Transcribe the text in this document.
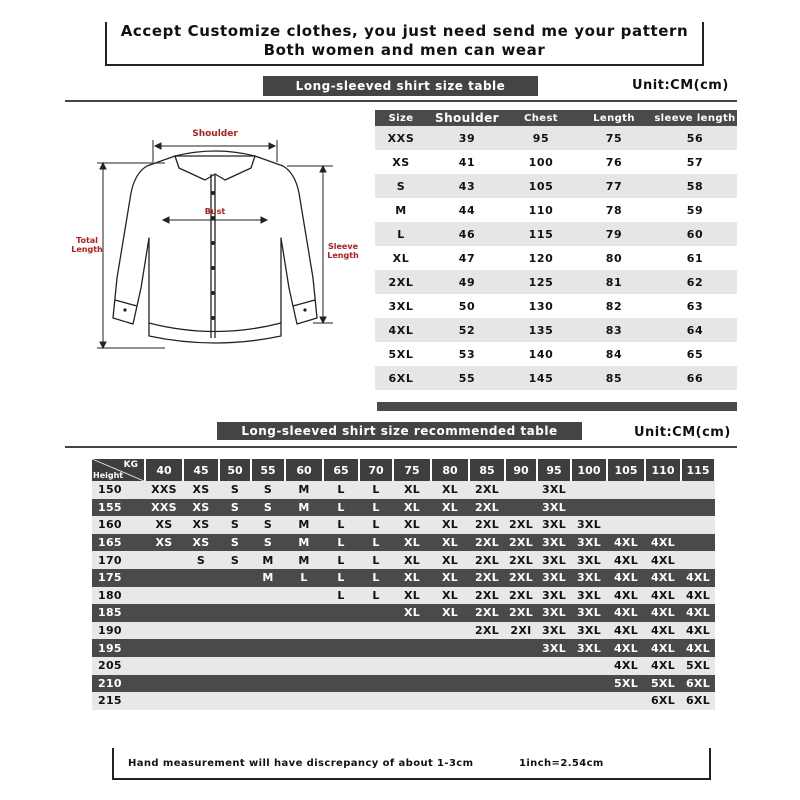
Accept Customize clothes, you just need send me your pattern
Both women and men can wear
Long-sleeved shirt size table	Unit:CM(cm)
Shoulder
Bust
Total
Length	Sleeve
Length
Size	Shoulder	Chest	Length	sleeve length
XXS	39	95	75	56
XS	41	100	76	57
S	43	105	77	58
M	44	110	78	59
L	46	115	79	60
XL	47	120	80	61
2XL	49	125	81	62
3XL	50	130	82	63
4XL	52	135	83	64
5XL	53	140	84	65
6XL	55	145	85	66
Long-sleeved shirt size recommended table	Unit:CM(cm)
KG
Height	40	45	50	55	60	65	70	75	80	85	90	95	100	105	110	115
150	XXS	XS	S	S	M	L	L	XL	XL	2XL		3XL				
155	XXS	XS	S	S	M	L	L	XL	XL	2XL		3XL				
160	XS	XS	S	S	M	L	L	XL	XL	2XL	2XL	3XL	3XL			
165	XS	XS	S	S	M	L	L	XL	XL	2XL	2XL	3XL	3XL	4XL	4XL	
170		S	S	M	M	L	L	XL	XL	2XL	2XL	3XL	3XL	4XL	4XL	
175				M	L	L	L	XL	XL	2XL	2XL	3XL	3XL	4XL	4XL	4XL
180						L	L	XL	XL	2XL	2XL	3XL	3XL	4XL	4XL	4XL
185								XL	XL	2XL	2XL	3XL	3XL	4XL	4XL	4XL
190										2XL	2XI	3XL	3XL	4XL	4XL	4XL
195												3XL	3XL	4XL	4XL	4XL
205														4XL	4XL	5XL
210														5XL	5XL	6XL
215															6XL	6XL
Hand measurement will have discrepancy of about 1-3cm	1inch=2.54cm
